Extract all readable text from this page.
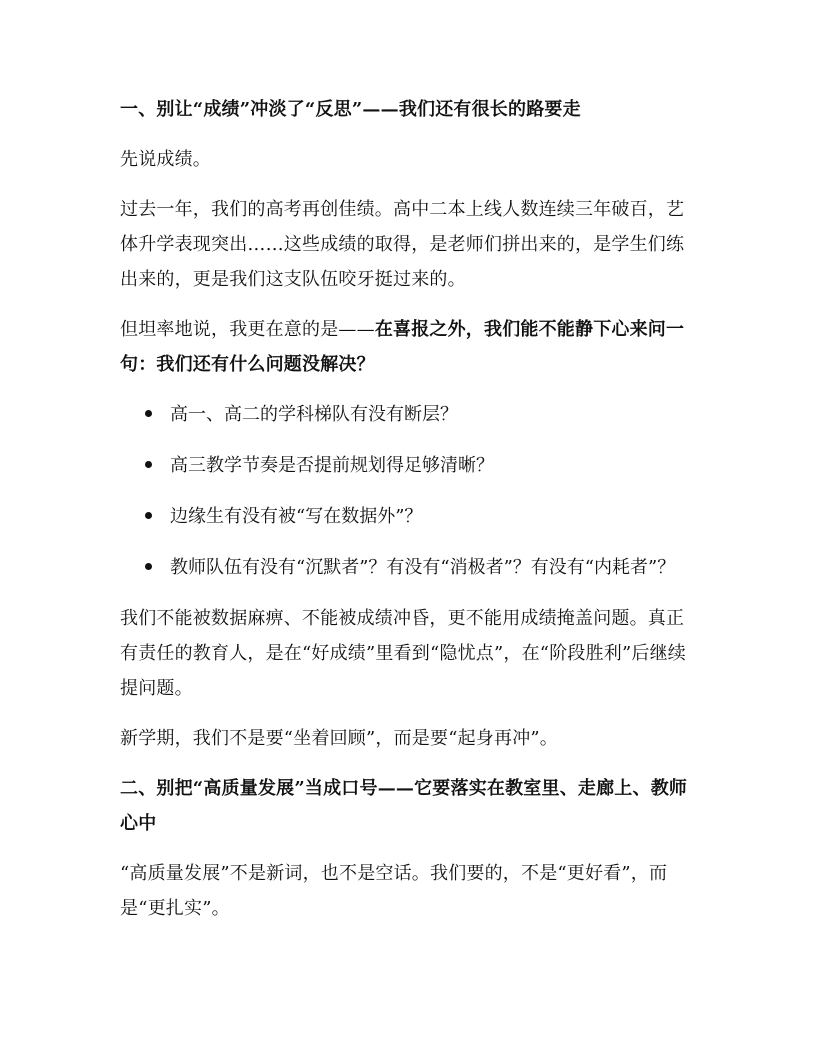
一、别让“成绩”冲淡了“反思”——我们还有很长的路要走

先说成绩。

过去一年，我们的高考再创佳绩。高中二本上线人数连续三年破百，艺体升学表现突出……这些成绩的取得，是老师们拼出来的，是学生们练出来的，更是我们这支队伍咬牙挺过来的。

但坦率地说，我更在意的是——在喜报之外，我们能不能静下心来问一句：我们还有什么问题没解决？

高一、高二的学科梯队有没有断层？
高三教学节奏是否提前规划得足够清晰？
边缘生有没有被“写在数据外”？
教师队伍有没有“沉默者”？有没有“消极者”？有没有“内耗者”？

我们不能被数据麻痹、不能被成绩冲昏，更不能用成绩掩盖问题。真正有责任的教育人，是在“好成绩”里看到“隐忧点”，在“阶段胜利”后继续提问题。

新学期，我们不是要“坐着回顾”，而是要“起身再冲”。

二、别把“高质量发展”当成口号——它要落实在教室里、走廊上、教师心中

“高质量发展”不是新词，也不是空话。我们要的，不是“更好看”，而是“更扎实”。
